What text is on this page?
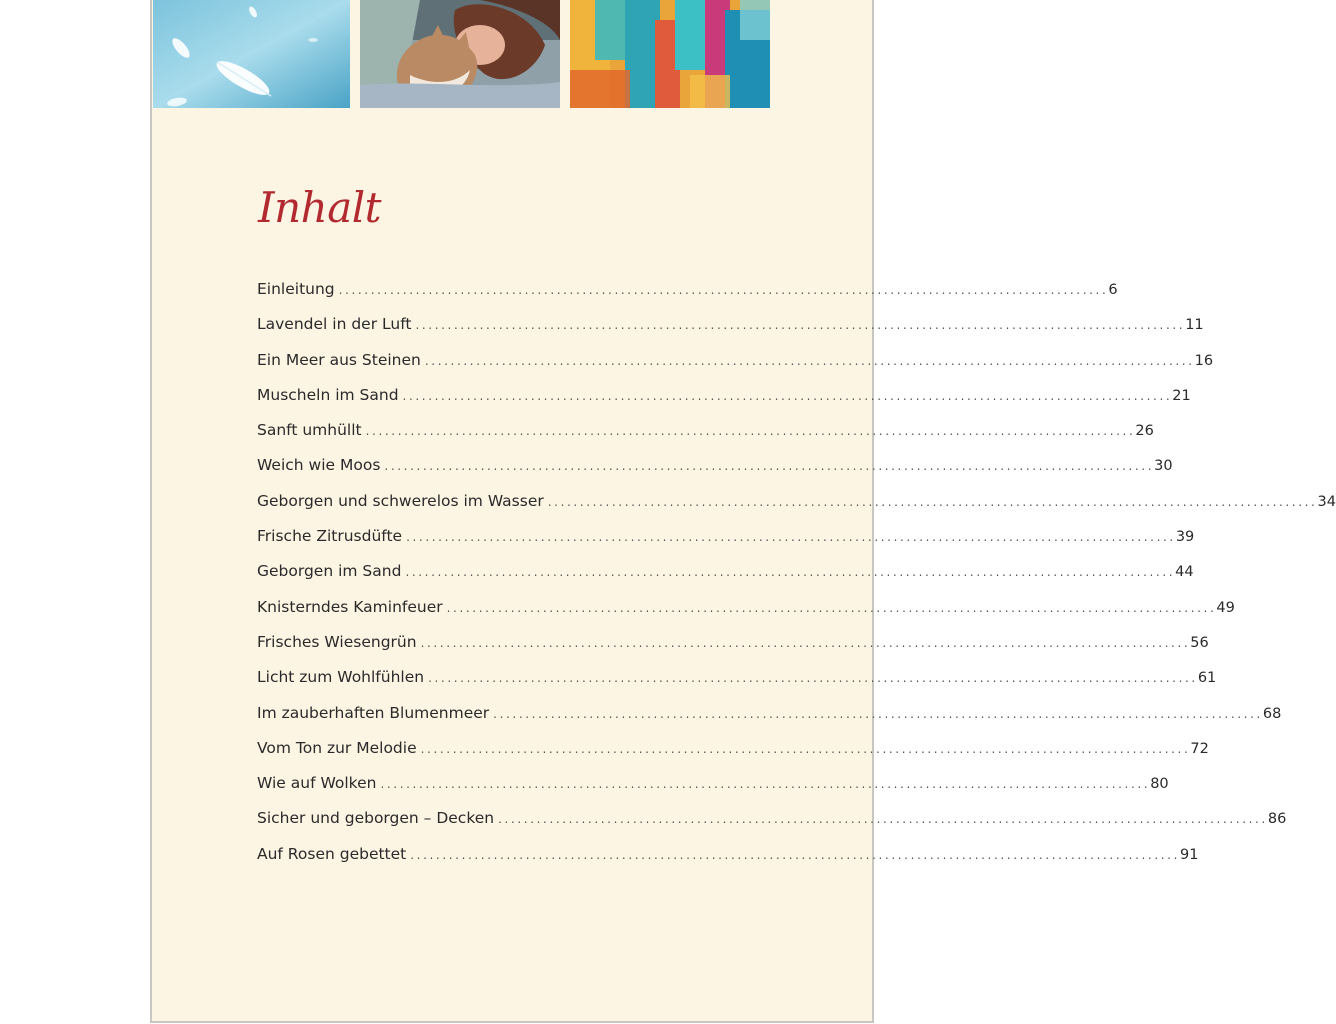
Inhalt
Einleitung ........................................................................................................................ 6
Lavendel in der Luft ........................................................................................................................ 11
Ein Meer aus Steinen ........................................................................................................................ 16
Muscheln im Sand ........................................................................................................................ 21
Sanft umhüllt ........................................................................................................................ 26
Weich wie Moos ........................................................................................................................ 30
Geborgen und schwerelos im Wasser ........................................................................................................................ 34
Frische Zitrusdüfte ........................................................................................................................ 39
Geborgen im Sand ........................................................................................................................ 44
Knisterndes Kaminfeuer ........................................................................................................................ 49
Frisches Wiesengrün ........................................................................................................................ 56
Licht zum Wohlfühlen ........................................................................................................................ 61
Im zauberhaften Blumenmeer ........................................................................................................................ 68
Vom Ton zur Melodie ........................................................................................................................ 72
Wie auf Wolken ........................................................................................................................ 80
Sicher und geborgen – Decken ........................................................................................................................ 86
Auf Rosen gebettet ........................................................................................................................ 91
